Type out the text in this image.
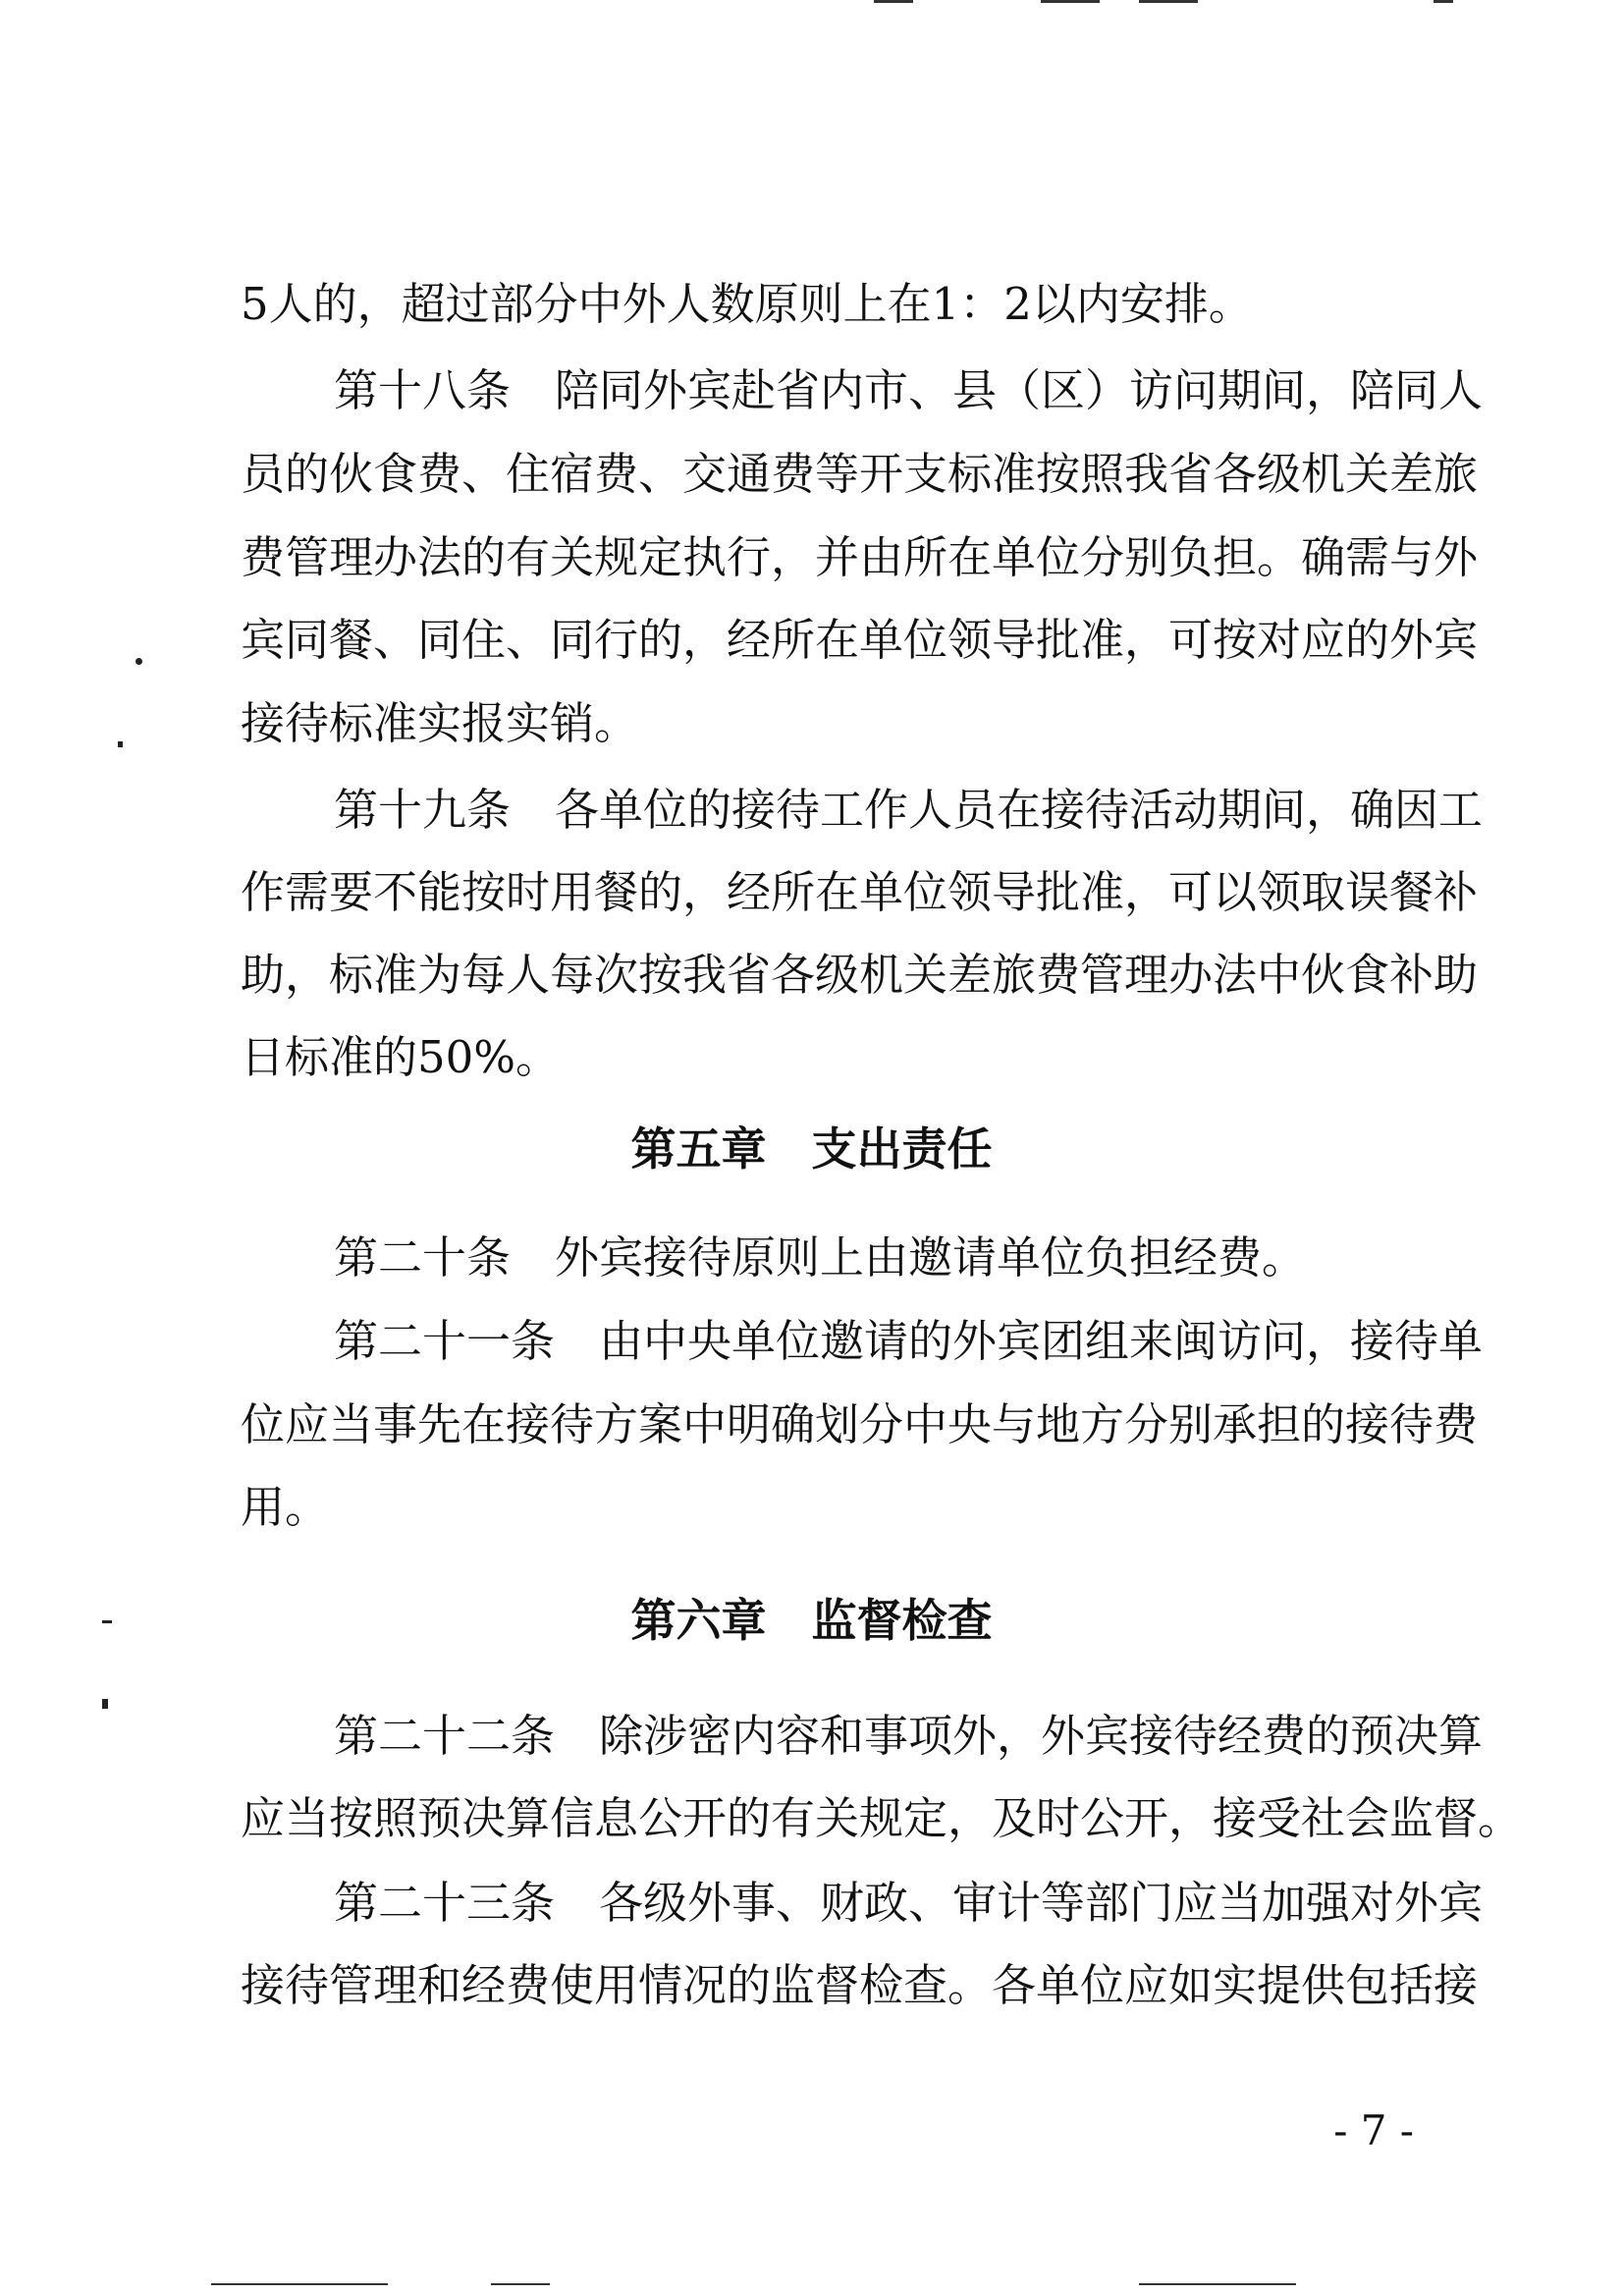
5人的，超过部分中外人数原则上在1：2以内安排。
第十八条　陪同外宾赴省内市、县（区）访问期间，陪同人
员的伙食费、住宿费、交通费等开支标准按照我省各级机关差旅
费管理办法的有关规定执行，并由所在单位分别负担。确需与外
宾同餐、同住、同行的，经所在单位领导批准，可按对应的外宾
接待标准实报实销。
第十九条　各单位的接待工作人员在接待活动期间，确因工
作需要不能按时用餐的，经所在单位领导批准，可以领取误餐补
助，标准为每人每次按我省各级机关差旅费管理办法中伙食补助
日标准的50%。
第五章　支出责任
第二十条　外宾接待原则上由邀请单位负担经费。
第二十一条　由中央单位邀请的外宾团组来闽访问，接待单
位应当事先在接待方案中明确划分中央与地方分别承担的接待费
用。
第六章　监督检查
第二十二条　除涉密内容和事项外，外宾接待经费的预决算
应当按照预决算信息公开的有关规定，及时公开，接受社会监督。
第二十三条　各级外事、财政、审计等部门应当加强对外宾
接待管理和经费使用情况的监督检查。各单位应如实提供包括接
- 7 -
